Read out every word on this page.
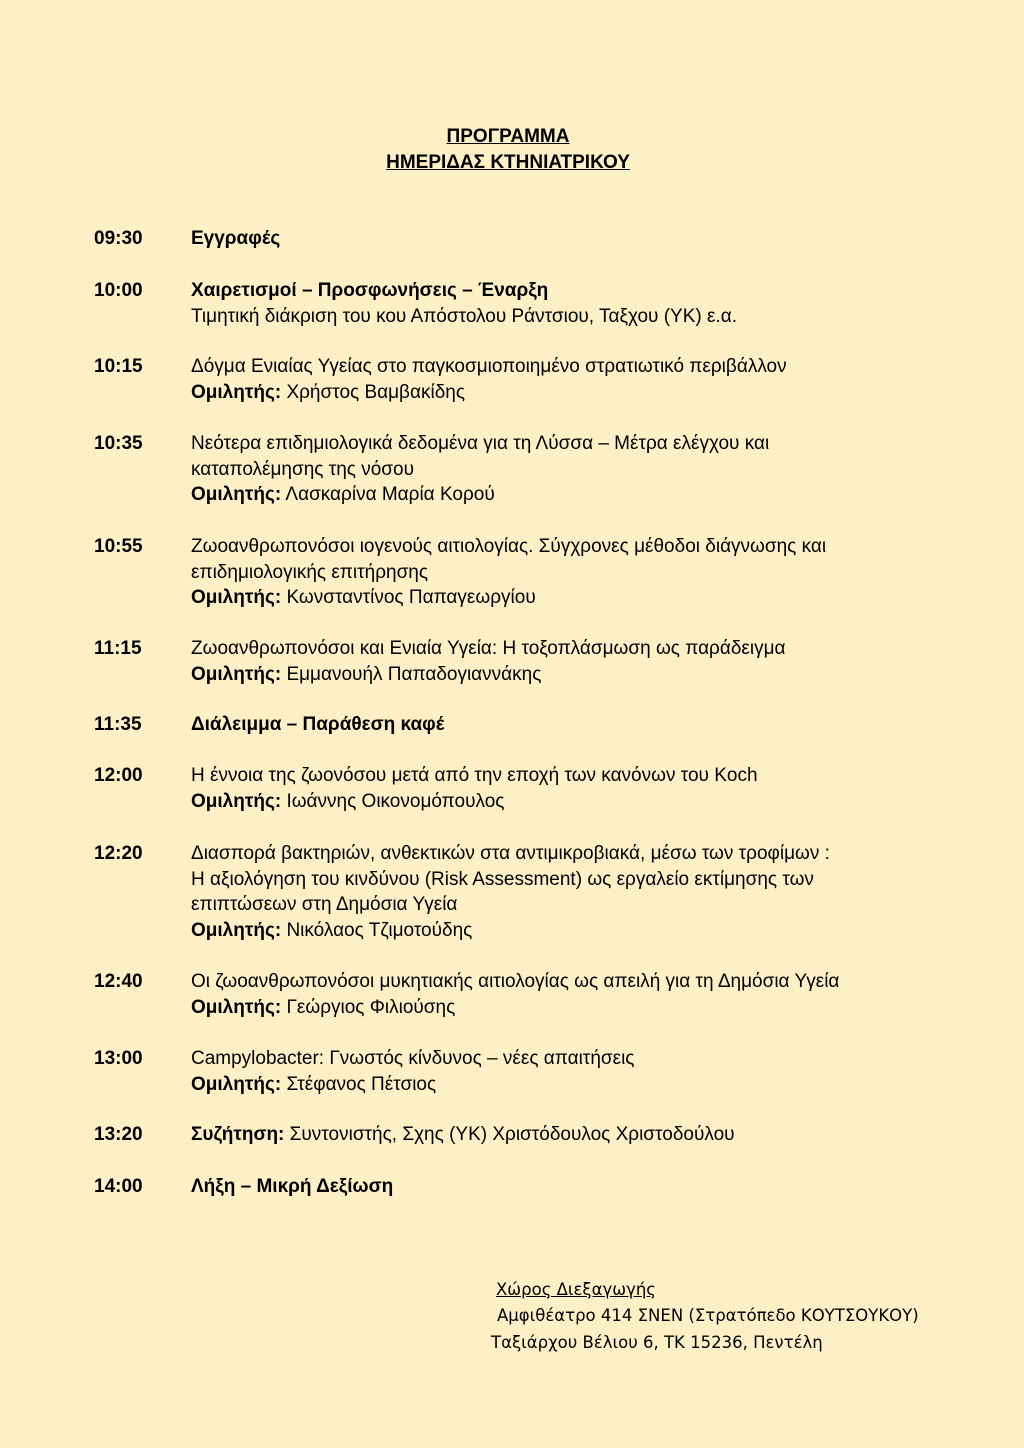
ΠΡΟΓΡΑΜΜΑ
ΗΜΕΡΙΔΑΣ ΚΤΗΝΙΑΤΡΙΚΟΥ
09:30	Εγγραφές
10:00	Χαιρετισμοί – Προσφωνήσεις – Έναρξη
Τιμητική διάκριση του κου Απόστολου Ράντσιου, Ταξχου (ΥΚ) ε.α.
10:15	Δόγμα Ενιαίας Υγείας στο παγκοσμιοποιημένο στρατιωτικό περιβάλλον
Ομιλητής: Χρήστος Βαμβακίδης
10:35	Νεότερα επιδημιολογικά δεδομένα για τη Λύσσα – Μέτρα ελέγχου και
καταπολέμησης της νόσου
Ομιλητής: Λασκαρίνα Μαρία Κορού
10:55	Ζωοανθρωπονόσοι ιογενούς αιτιολογίας. Σύγχρονες μέθοδοι διάγνωσης και
επιδημιολογικής επιτήρησης
Ομιλητής: Κωνσταντίνος Παπαγεωργίου
11:15	Ζωοανθρωπονόσοι και Ενιαία Υγεία: Η τοξοπλάσμωση ως παράδειγμα
Ομιλητής: Εμμανουήλ Παπαδογιαννάκης
11:35	Διάλειμμα – Παράθεση καφέ
12:00	Η έννοια της ζωονόσου μετά από την εποχή των κανόνων του Koch
Ομιλητής: Ιωάννης Οικονομόπουλος
12:20	Διασπορά βακτηριών, ανθεκτικών στα αντιμικροβιακά, μέσω των τροφίμων :
Η αξιολόγηση του κινδύνου (Risk Assessment) ως εργαλείο εκτίμησης των
επιπτώσεων στη Δημόσια Υγεία
Ομιλητής: Νικόλαος Τζιμοτούδης
12:40	Οι ζωοανθρωπονόσοι μυκητιακής αιτιολογίας ως απειλή για τη Δημόσια Υγεία
Ομιλητής: Γεώργιος Φιλιούσης
13:00	Campylobacter: Γνωστός κίνδυνος – νέες απαιτήσεις
Ομιλητής: Στέφανος Πέτσιος
13:20	Συζήτηση: Συντονιστής, Σχης (ΥΚ) Χριστόδουλος Χριστοδούλου
14:00	Λήξη – Μικρή Δεξίωση
Χώρος Διεξαγωγής
Αμφιθέατρο 414 ΣΝΕΝ (Στρατόπεδο ΚΟΥΤΣΟΥΚΟΥ)
Ταξιάρχου Βέλιου 6, ΤΚ 15236, Πεντέλη
